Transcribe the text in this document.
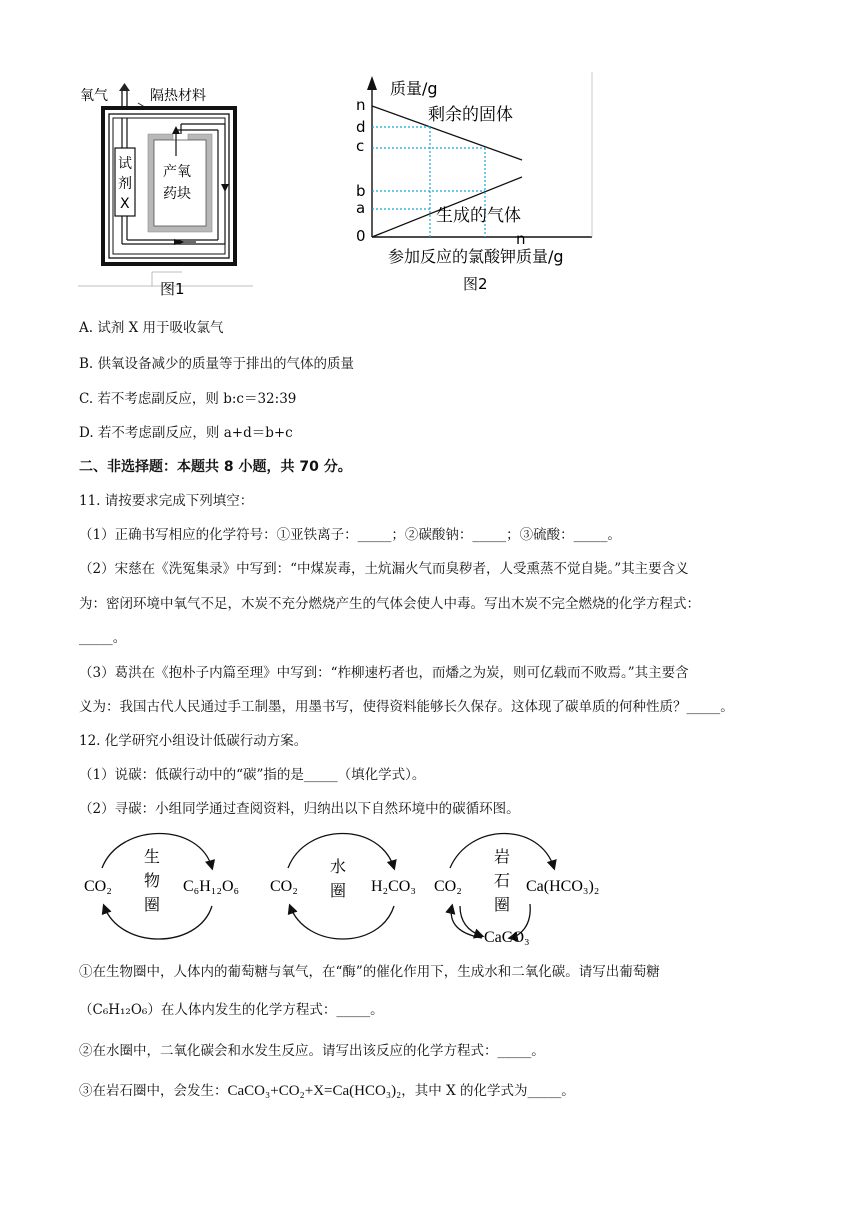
氧气	隔热材料
试
剂
X
产氧
药块
图1
质量/g
参加反应的氯酸钾质量/g
n
d
c
b
a
0	n
剩余的固体
生成的气体
图2
A. 试剂 X 用于吸收氯气
B. 供氧设备减少的质量等于排出的气体的质量
C. 若不考虑副反应，则 b:c＝32:39
D. 若不考虑副反应，则 a+d＝b+c
二、非选择题：本题共 8 小题，共 70 分。
11. 请按要求完成下列填空：
（1）正确书写相应的化学符号：①亚铁离子：_____；②碳酸钠：_____；③硫酸：_____。
（2）宋慈在《洗冤集录》中写到：“中煤炭毒，土炕漏火气而臭秽者，人受熏蒸不觉自毙。”其主要含义
为：密闭环境中氧气不足，木炭不充分燃烧产生的气体会使人中毒。写出木炭不完全燃烧的化学方程式：
_____。
（3）葛洪在《抱朴子内篇至理》中写到：“柞柳速朽者也，而燔之为炭，则可亿载而不败焉。”其主要含
义为：我国古代人民通过手工制墨，用墨书写，使得资料能够长久保存。这体现了碳单质的何种性质？_____。
12. 化学研究小组设计低碳行动方案。
（1）说碳：低碳行动中的“碳”指的是_____（填化学式）。
（2）寻碳：小组同学通过查阅资料，归纳出以下自然环境中的碳循环图。
CO₂	C₆H₁₂O₆
生
物
圈
CO₂	H₂CO₃
水
圈	CO₂	Ca(HCO₃)₂
CaCO₃
岩
石
圈
①在生物圈中，人体内的葡萄糖与氧气，在“酶”的催化作用下，生成水和二氧化碳。请写出葡萄糖
（C₆H₁₂O₆）在人体内发生的化学方程式：_____。
②在水圈中，二氧化碳会和水发生反应。请写出该反应的化学方程式：_____。
③在岩石圈中，会发生：CaCO₃+CO₂+X=Ca(HCO₃)₂，其中 X 的化学式为_____。
